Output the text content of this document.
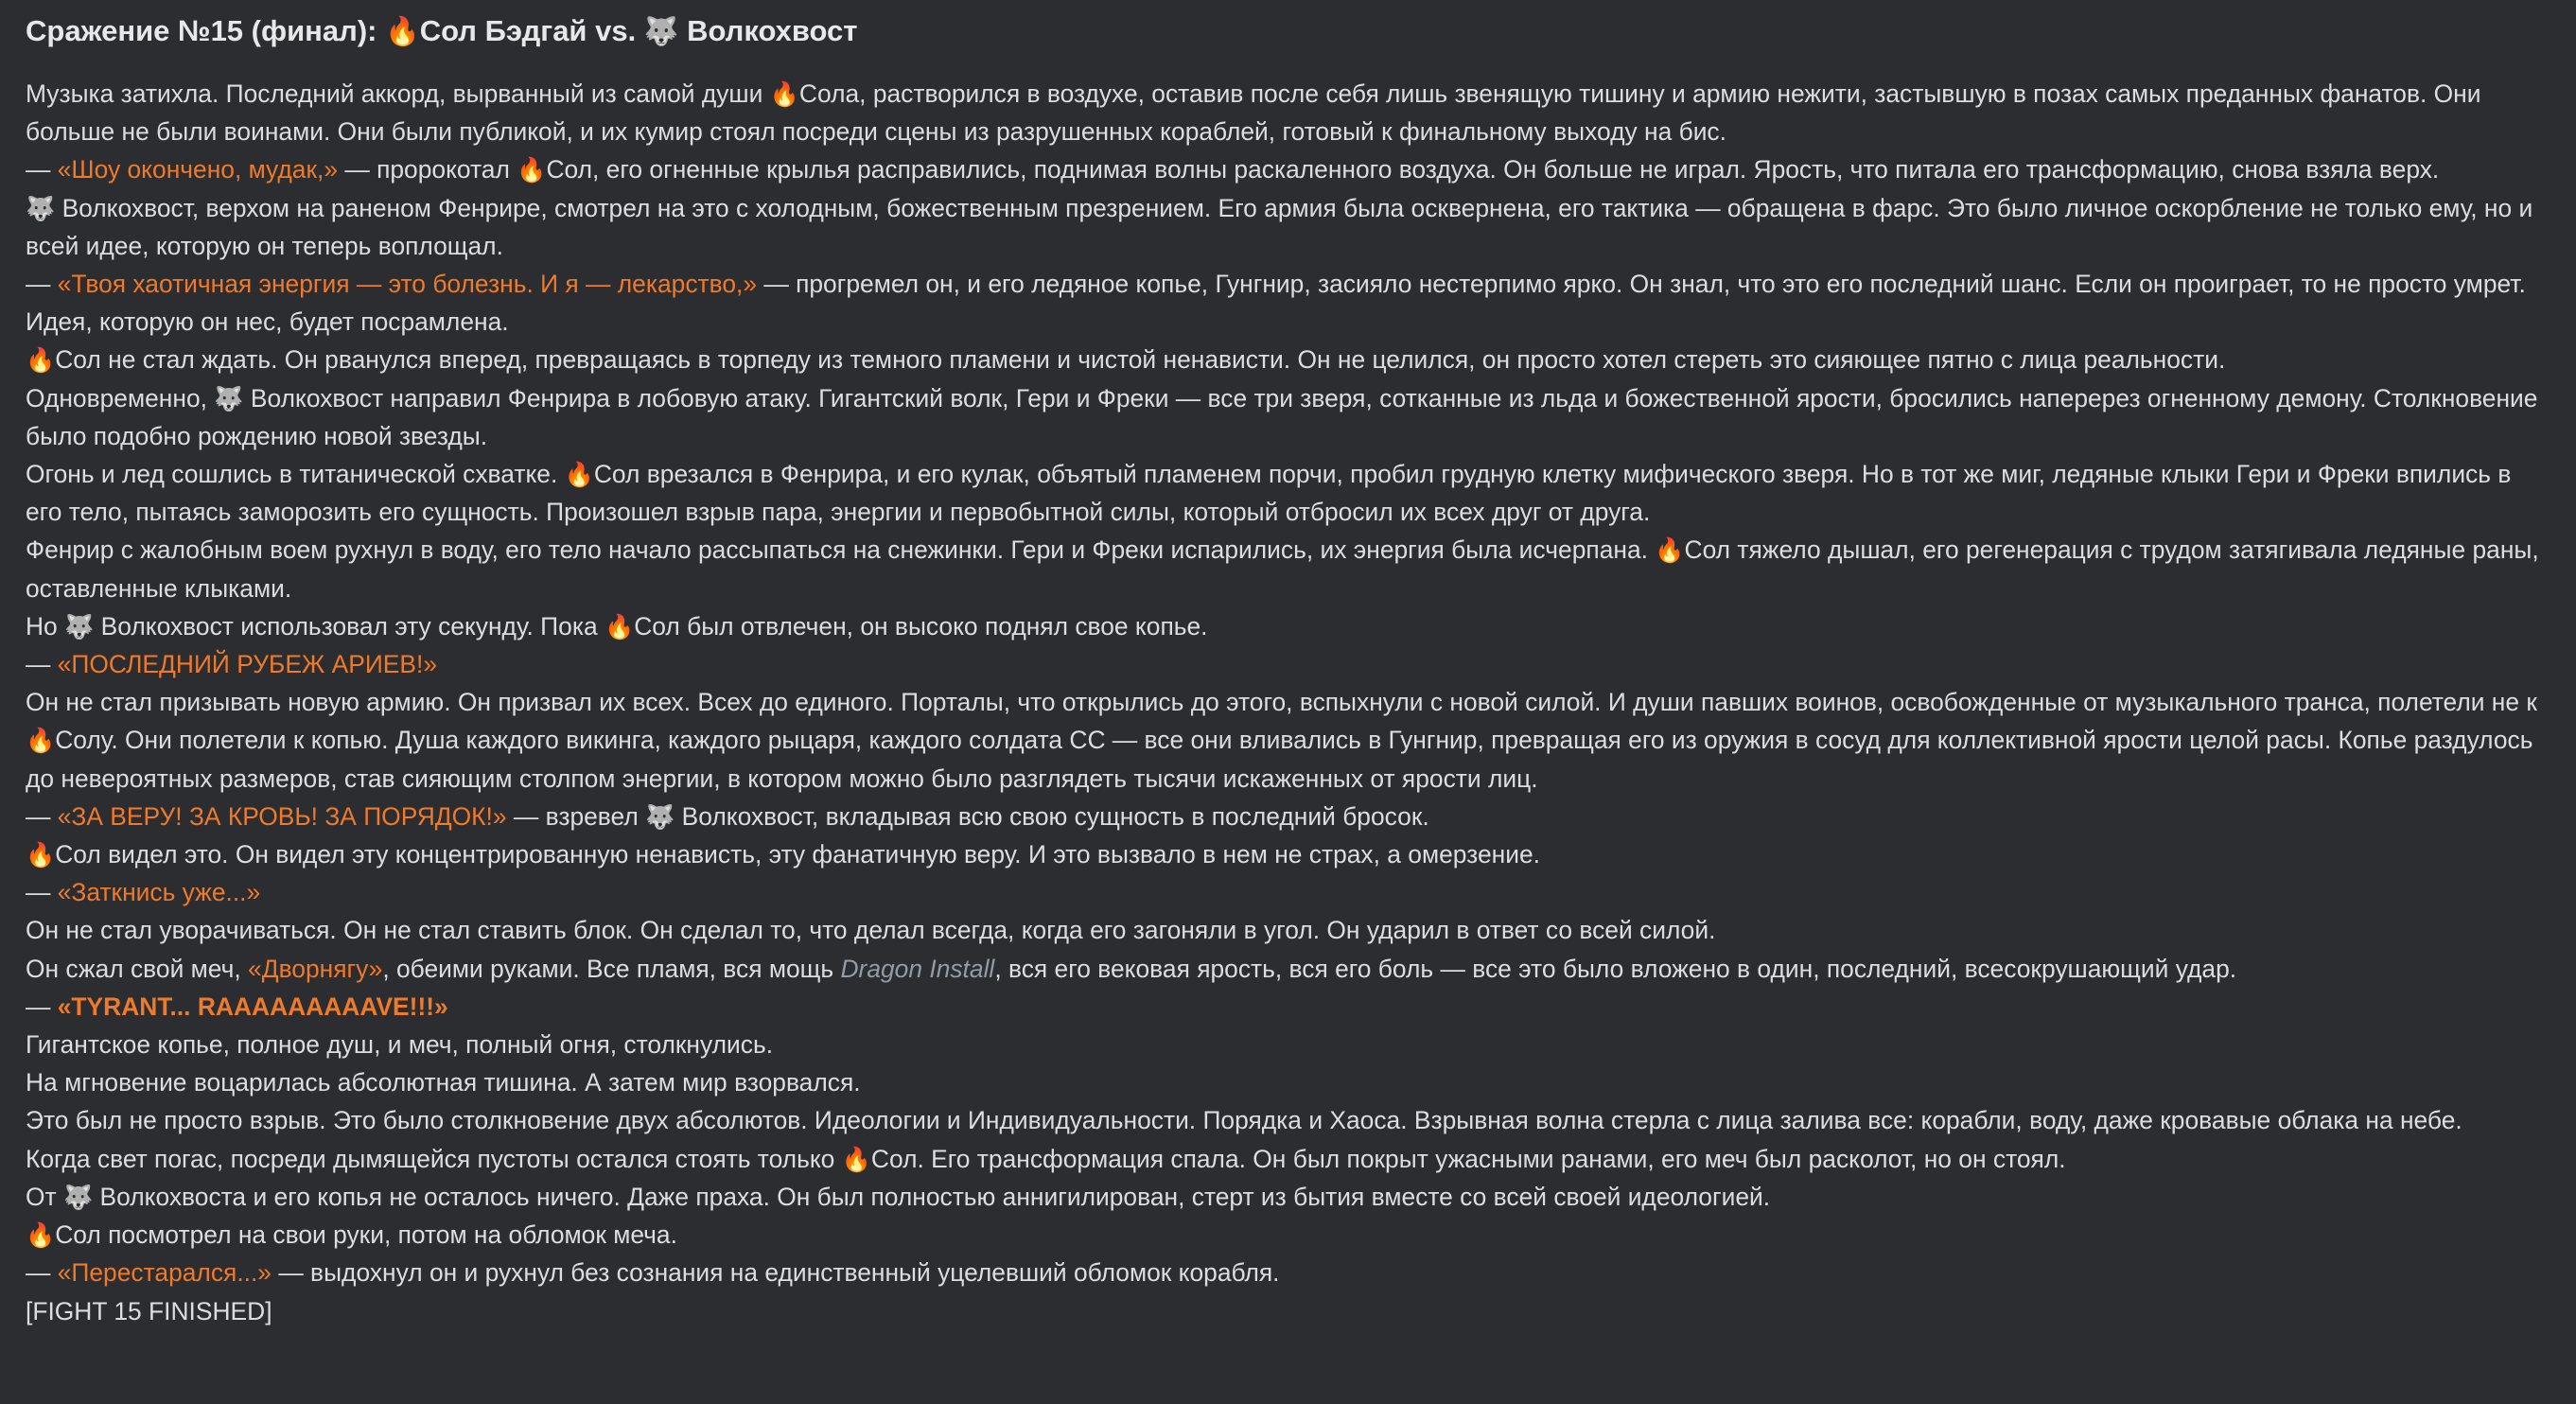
Сражение №15 (финал): 🔥Сол Бэдгай vs. 🐺 Волкохвост

Музыка затихла. Последний аккорд, вырванный из самой души 🔥Сола, растворился в воздухе, оставив после себя лишь звенящую тишину и армию нежити, застывшую в позах самых преданных фанатов. Они больше не были воинами. Они были публикой, и их кумир стоял посреди сцены из разрушенных кораблей, готовый к финальному выходу на бис.

— «Шоу окончено, мудак,» — пророкотал 🔥Сол, его огненные крылья расправились, поднимая волны раскаленного воздуха. Он больше не играл. Ярость, что питала его трансформацию, снова взяла верх.

🐺 Волкохвост, верхом на раненом Фенрире, смотрел на это с холодным, божественным презрением. Его армия была осквернена, его тактика — обращена в фарс. Это было личное оскорбление не только ему, но и всей идее, которую он теперь воплощал.

— «Твоя хаотичная энергия — это болезнь. И я — лекарство,» — прогремел он, и его ледяное копье, Гунгнир, засияло нестерпимо ярко. Он знал, что это его последний шанс. Если он проиграет, то не просто умрет. Идея, которую он нес, будет посрамлена.

🔥Сол не стал ждать. Он рванулся вперед, превращаясь в торпеду из темного пламени и чистой ненависти. Он не целился, он просто хотел стереть это сияющее пятно с лица реальности.

Одновременно, 🐺 Волкохвост направил Фенрира в лобовую атаку. Гигантский волк, Гери и Фреки — все три зверя, сотканные из льда и божественной ярости, бросились наперерез огненному демону. Столкновение было подобно рождению новой звезды.

Огонь и лед сошлись в титанической схватке. 🔥Сол врезался в Фенрира, и его кулак, объятый пламенем порчи, пробил грудную клетку мифического зверя. Но в тот же миг, ледяные клыки Гери и Фреки впились в его тело, пытаясь заморозить его сущность. Произошел взрыв пара, энергии и первобытной силы, который отбросил их всех друг от друга.

Фенрир с жалобным воем рухнул в воду, его тело начало рассыпаться на снежинки. Гери и Фреки испарились, их энергия была исчерпана. 🔥Сол тяжело дышал, его регенерация с трудом затягивала ледяные раны, оставленные клыками.

Но 🐺 Волкохвост использовал эту секунду. Пока 🔥Сол был отвлечен, он высоко поднял свое копье.

— «ПОСЛЕДНИЙ РУБЕЖ АРИЕВ!»

Он не стал призывать новую армию. Он призвал их всех. Всех до единого. Порталы, что открылись до этого, вспыхнули с новой силой. И души павших воинов, освобожденные от музыкального транса, полетели не к 🔥Солу. Они полетели к копью. Душа каждого викинга, каждого рыцаря, каждого солдата СС — все они вливались в Гунгнир, превращая его из оружия в сосуд для коллективной ярости целой расы. Копье раздулось до невероятных размеров, став сияющим столпом энергии, в котором можно было разглядеть тысячи искаженных от ярости лиц.

— «ЗА ВЕРУ! ЗА КРОВЬ! ЗА ПОРЯДОК!» — взревел 🐺 Волкохвост, вкладывая всю свою сущность в последний бросок.

🔥Сол видел это. Он видел эту концентрированную ненависть, эту фанатичную веру. И это вызвало в нем не страх, а омерзение.

— «Заткнись уже...»

Он не стал уворачиваться. Он не стал ставить блок. Он сделал то, что делал всегда, когда его загоняли в угол. Он ударил в ответ со всей силой.

Он сжал свой меч, «Дворнягу», обеими руками. Все пламя, вся мощь Dragon Install, вся его вековая ярость, вся его боль — все это было вложено в один, последний, всесокрушающий удар.

— «TYRANT... RAAAAAAAAAVE!!!»

Гигантское копье, полное душ, и меч, полный огня, столкнулись.

На мгновение воцарилась абсолютная тишина. А затем мир взорвался.

Это был не просто взрыв. Это было столкновение двух абсолютов. Идеологии и Индивидуальности. Порядка и Хаоса. Взрывная волна стерла с лица залива все: корабли, воду, даже кровавые облака на небе.

Когда свет погас, посреди дымящейся пустоты остался стоять только 🔥Сол. Его трансформация спала. Он был покрыт ужасными ранами, его меч был расколот, но он стоял.

От 🐺 Волкохвоста и его копья не осталось ничего. Даже праха. Он был полностью аннигилирован, стерт из бытия вместе со всей своей идеологией.

🔥Сол посмотрел на свои руки, потом на обломок меча.

— «Перестарался...» — выдохнул он и рухнул без сознания на единственный уцелевший обломок корабля.

[FIGHT 15 FINISHED]
